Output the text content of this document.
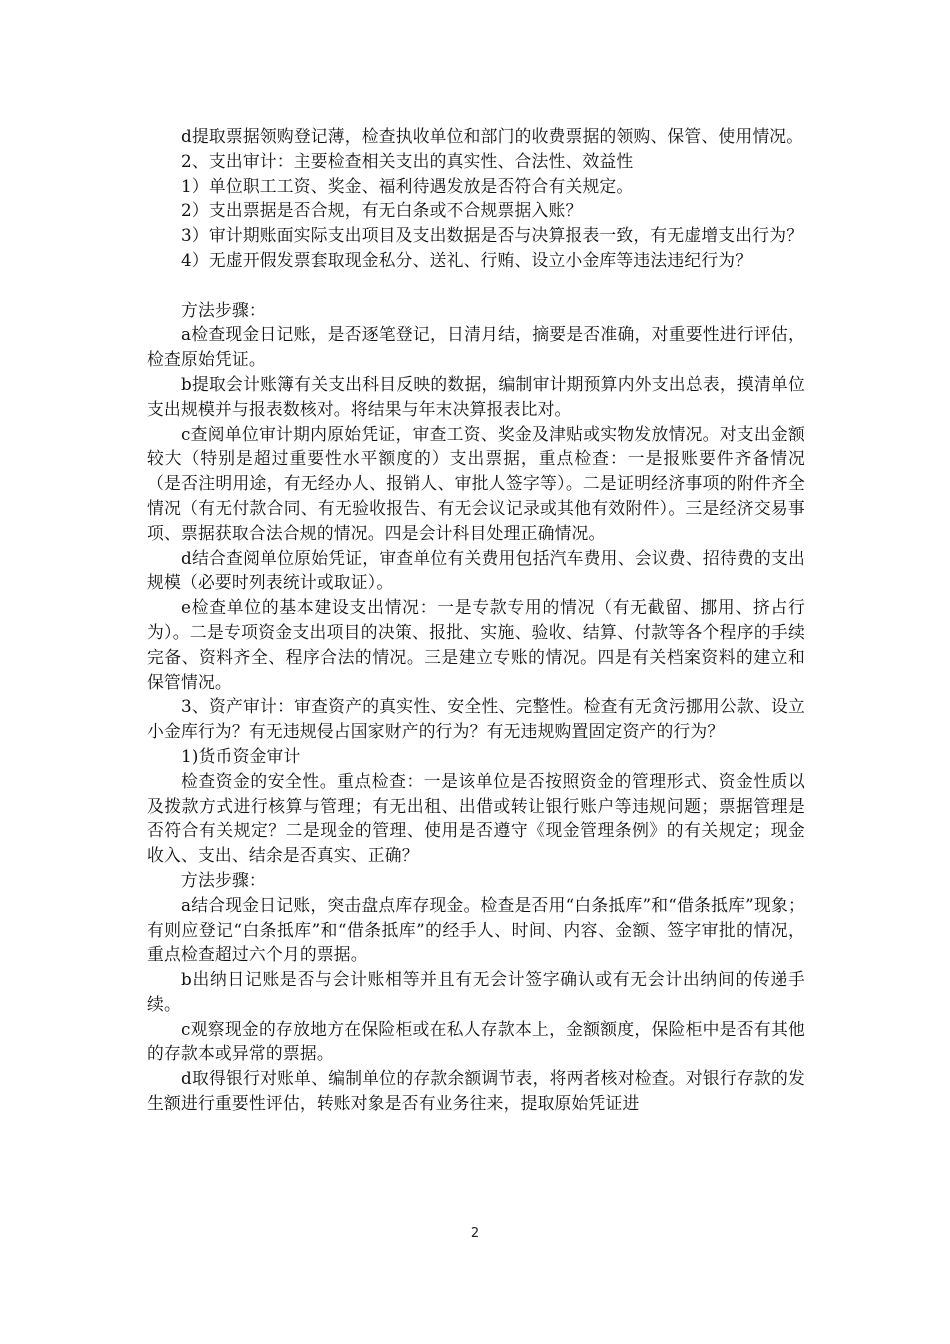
d提取票据领购登记薄，检查执收单位和部门的收费票据的领购、保管、使用情况。

2、支出审计：主要检查相关支出的真实性、合法性、效益性

1）单位职工工资、奖金、福利待遇发放是否符合有关规定。

2）支出票据是否合规，有无白条或不合规票据入账？

3）审计期账面实际支出项目及支出数据是否与决算报表一致，有无虚增支出行为？

4）无虚开假发票套取现金私分、送礼、行贿、设立小金库等违法违纪行为？

方法步骤：

a检查现金日记账，是否逐笔登记，日清月结，摘要是否准确，对重要性进行评估，检查原始凭证。

b提取会计账簿有关支出科目反映的数据，编制审计期预算内外支出总表，摸清单位支出规模并与报表数核对。将结果与年末决算报表比对。

c查阅单位审计期内原始凭证，审查工资、奖金及津贴或实物发放情况。对支出金额较大（特别是超过重要性水平额度的）支出票据，重点检查：一是报账要件齐备情况（是否注明用途，有无经办人、报销人、审批人签字等）。二是证明经济事项的附件齐全情况（有无付款合同、有无验收报告、有无会议记录或其他有效附件）。三是经济交易事项、票据获取合法合规的情况。四是会计科目处理正确情况。

d结合查阅单位原始凭证，审查单位有关费用包括汽车费用、会议费、招待费的支出规模（必要时列表统计或取证）。

e检查单位的基本建设支出情况：一是专款专用的情况（有无截留、挪用、挤占行为）。二是专项资金支出项目的决策、报批、实施、验收、结算、付款等各个程序的手续完备、资料齐全、程序合法的情况。三是建立专账的情况。四是有关档案资料的建立和保管情况。

3、资产审计：审查资产的真实性、安全性、完整性。检查有无贪污挪用公款、设立小金库行为？有无违规侵占国家财产的行为？有无违规购置固定资产的行为？

1)货币资金审计

检查资金的安全性。重点检查：一是该单位是否按照资金的管理形式、资金性质以及拨款方式进行核算与管理；有无出租、出借或转让银行账户等违规问题；票据管理是否符合有关规定？二是现金的管理、使用是否遵守《现金管理条例》的有关规定；现金收入、支出、结余是否真实、正确？

方法步骤：

a结合现金日记账，突击盘点库存现金。检查是否用“白条抵库”和“借条抵库”现象；有则应登记“白条抵库”和“借条抵库”的经手人、时间、内容、金额、签字审批的情况，重点检查超过六个月的票据。

b出纳日记账是否与会计账相等并且有无会计签字确认或有无会计出纳间的传递手续。

c观察现金的存放地方在保险柜或在私人存款本上，金额额度，保险柜中是否有其他的存款本或异常的票据。

d取得银行对账单、编制单位的存款余额调节表，将两者核对检查。对银行存款的发生额进行重要性评估，转账对象是否有业务往来，提取原始凭证进

2
